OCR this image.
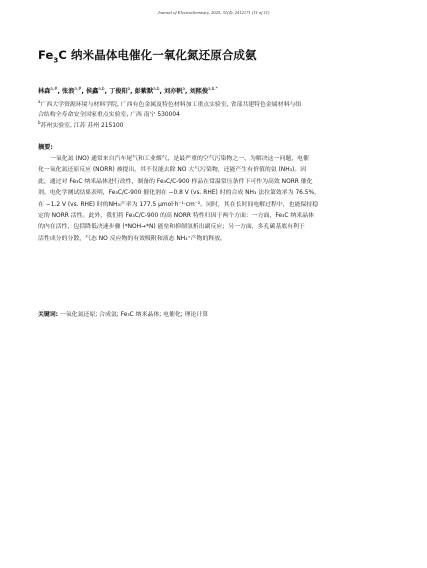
Journal of Electrochemistry, 2025, 31(4), 2412171 (11 of 11)
$Fe_3C$ 纳米晶体电催化一氧化氮还原合成氨
林森$^{a,\#}$, 张浪$^{a,\#}$, 侯鑫$^{a,b}$, 丁俊阳$^a$, 彭紫默$^{a,b}$, 刘亦帆$^a$, 刘熙俊$^{a,b,*}$
$^a$广西大学资源环境与材料学院, 广西有色金属及特色材料加工重点实验室, 省部共建特色金属材料与组
合结构全寿命安全国家重点实验室, 广西 南宁 530004
$^b$苏州实验室, 江苏 苏州 215100
摘要:
一氧化氮 (NO) 通常来自汽车尾气和工业烟气，是最严重的空气污染物之一。为解决这一问题，电催
化一氧化氮还原反应 (NORR) 被提出，其不仅能去除 NO 大气污染物，还能产生有价值的氨 (NH₃)。因
此，通过对 Fe₃C 纳米晶体进行改性，制备的 Fe₃C/C-900 样品在常温常压条件下可作为高效 NORR 催化
剂。电化学测试结果表明，Fe₃C/C-900 催化剂在 −0.8 V (vs. RHE) 时的合成 NH₃ 法拉第效率为 76.5%，
在 −1.2 V (vs. RHE) 时的NH₃产率为 177.5 μmol·h⁻¹·cm⁻²。同时，其在长时间电解过程中，也能保持稳
定的 NORR 活性。此外，我们将 Fe₃C/C-900 的高 NORR 特性归因于两个方面：一方面，Fe₃C 纳米晶体
的内在活性，包括降低决速步骤 (*NOH→*N) 能垒和抑制氢析出副反应；另一方面，多孔碳基底有利于
活性成分的分散，气态 NO 反应物的有效吸附和液态 NH₄⁺产物的释放。
关键词: 一氧化氮还原; 合成氨; Fe₃C 纳米晶体; 电催化; 理论计算
